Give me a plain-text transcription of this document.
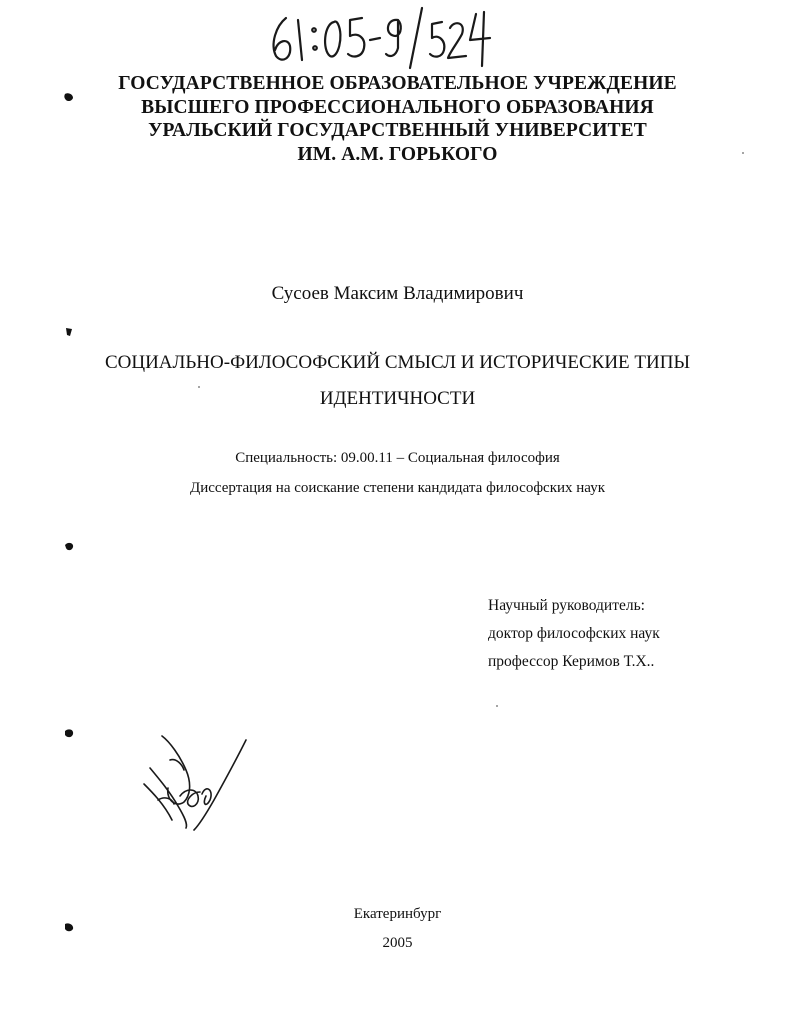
ГОСУДАРСТВЕННОЕ ОБРАЗОВАТЕЛЬНОЕ УЧРЕЖДЕНИЕ
ВЫСШЕГО ПРОФЕССИОНАЛЬНОГО ОБРАЗОВАНИЯ
УРАЛЬСКИЙ ГОСУДАРСТВЕННЫЙ УНИВЕРСИТЕТ
ИМ. А.М. ГОРЬКОГО
Сусоев Максим Владимирович
СОЦИАЛЬНО-ФИЛОСОФСКИЙ СМЫСЛ И ИСТОРИЧЕСКИЕ ТИПЫ
ИДЕНТИЧНОСТИ
Специальность: 09.00.11 – Социальная философия
Диссертация на соискание степени кандидата философских наук
Научный руководитель:
доктор философских наук
профессор Керимов Т.Х..
Екатеринбург
2005
